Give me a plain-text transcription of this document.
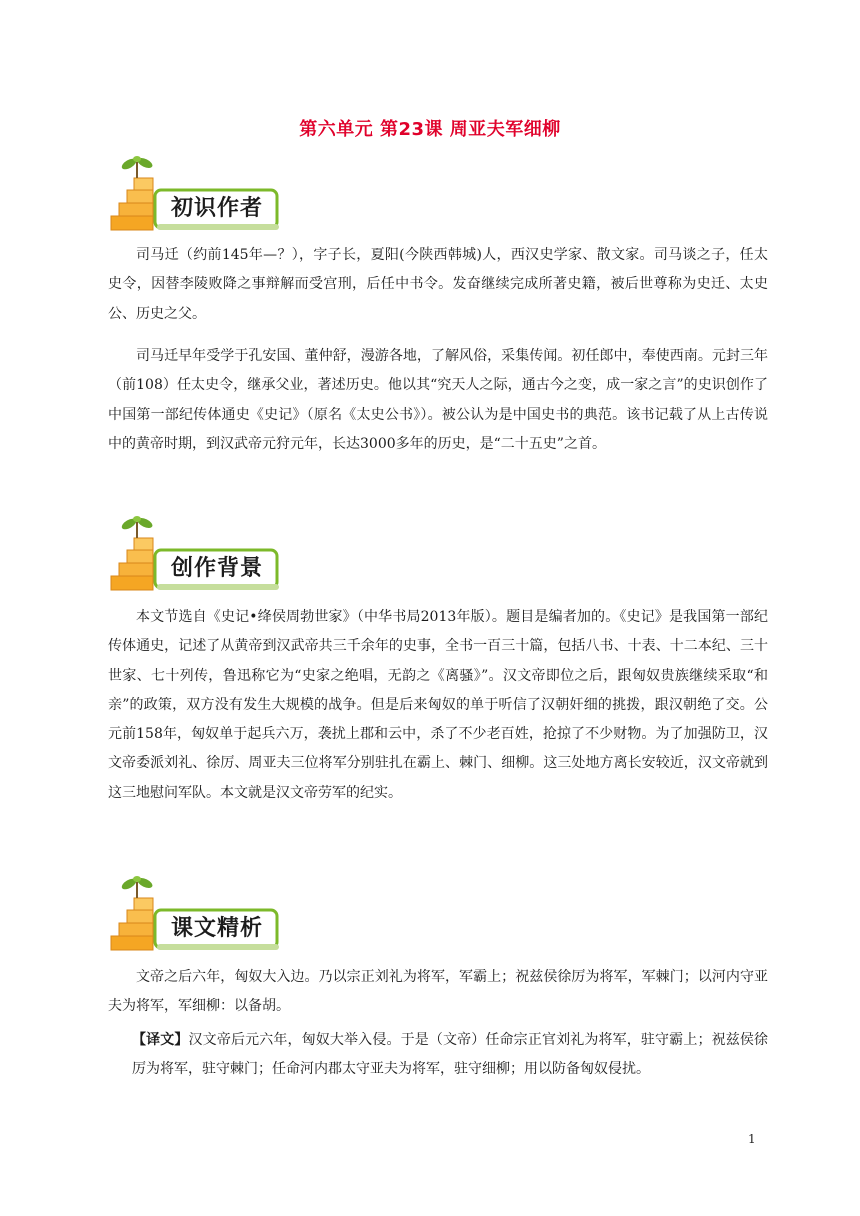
第六单元 第23课 周亚夫军细柳
初识作者

司马迁（约前145年—？），字子长，夏阳(今陕西韩城)人，西汉史学家、散文家。司马谈之子，任太史令，因替李陵败降之事辩解而受宫刑，后任中书令。发奋继续完成所著史籍，被后世尊称为史迁、太史公、历史之父。

司马迁早年受学于孔安国、董仲舒，漫游各地，了解风俗，采集传闻。初任郎中，奉使西南。元封三年（前108）任太史令，继承父业，著述历史。他以其“究天人之际，通古今之变，成一家之言”的史识创作了中国第一部纪传体通史《史记》（原名《太史公书》）。被公认为是中国史书的典范。该书记载了从上古传说中的黄帝时期，到汉武帝元狩元年，长达3000多年的历史，是“二十五史”之首。

创作背景

本文节选自《史记•绛侯周勃世家》（中华书局2013年版）。题目是编者加的。《史记》是我国第一部纪传体通史，记述了从黄帝到汉武帝共三千余年的史事，全书一百三十篇，包括八书、十表、十二本纪、三十世家、七十列传，鲁迅称它为“史家之绝唱，无韵之《离骚》”。汉文帝即位之后，跟匈奴贵族继续采取“和亲”的政策，双方没有发生大规模的战争。但是后来匈奴的单于听信了汉朝奸细的挑拨，跟汉朝绝了交。公元前158年，匈奴单于起兵六万，袭扰上郡和云中，杀了不少老百姓，抢掠了不少财物。为了加强防卫，汉文帝委派刘礼、徐厉、周亚夫三位将军分别驻扎在霸上、棘门、细柳。这三处地方离长安较近，汉文帝就到这三地慰问军队。本文就是汉文帝劳军的纪实。

课文精析

文帝之后六年，匈奴大入边。乃以宗正刘礼为将军，军霸上；祝兹侯徐厉为将军，军棘门；以河内守亚夫为将军，军细柳：以备胡。

【译文】汉文帝后元六年，匈奴大举入侵。于是（文帝）任命宗正官刘礼为将军，驻守霸上；祝兹侯徐厉为将军，驻守棘门；任命河内郡太守亚夫为将军，驻守细柳；用以防备匈奴侵扰。

1
